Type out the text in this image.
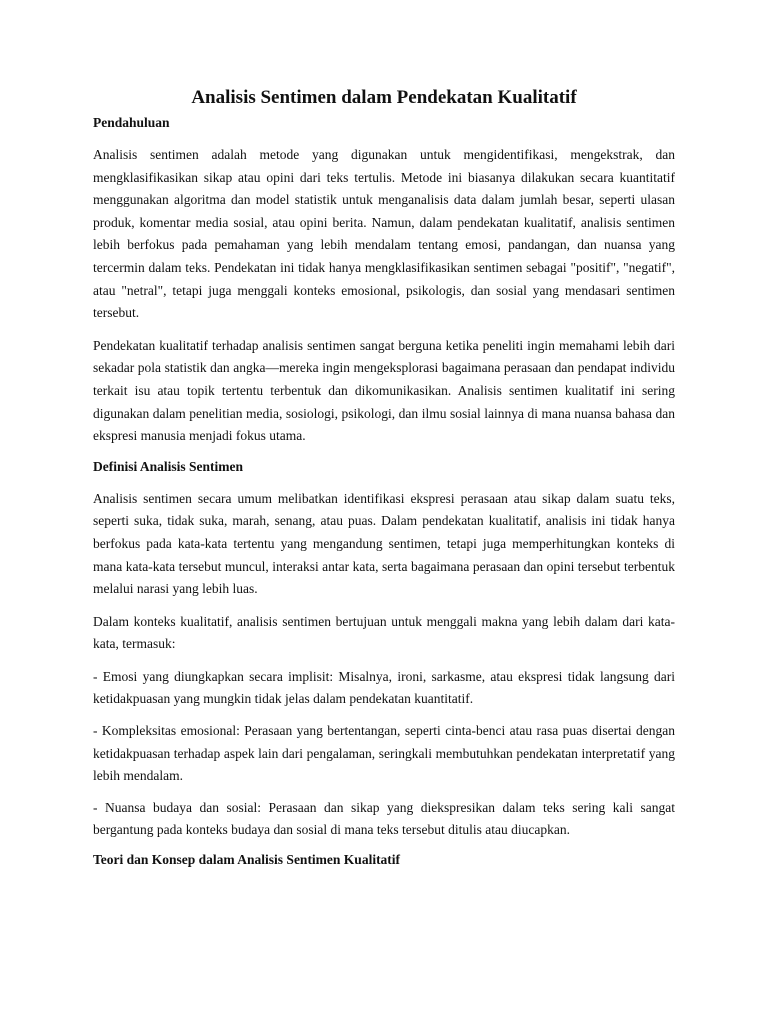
Analisis Sentimen dalam Pendekatan Kualitatif
Pendahuluan

Analisis sentimen adalah metode yang digunakan untuk mengidentifikasi, mengekstrak, dan mengklasifikasikan sikap atau opini dari teks tertulis. Metode ini biasanya dilakukan secara kuantitatif menggunakan algoritma dan model statistik untuk menganalisis data dalam jumlah besar, seperti ulasan produk, komentar media sosial, atau opini berita. Namun, dalam pendekatan kualitatif, analisis sentimen lebih berfokus pada pemahaman yang lebih mendalam tentang emosi, pandangan, dan nuansa yang tercermin dalam teks. Pendekatan ini tidak hanya mengklasifikasikan sentimen sebagai "positif", "negatif", atau "netral", tetapi juga menggali konteks emosional, psikologis, dan sosial yang mendasari sentimen tersebut.

Pendekatan kualitatif terhadap analisis sentimen sangat berguna ketika peneliti ingin memahami lebih dari sekadar pola statistik dan angka—mereka ingin mengeksplorasi bagaimana perasaan dan pendapat individu terkait isu atau topik tertentu terbentuk dan dikomunikasikan. Analisis sentimen kualitatif ini sering digunakan dalam penelitian media, sosiologi, psikologi, dan ilmu sosial lainnya di mana nuansa bahasa dan ekspresi manusia menjadi fokus utama.

Definisi Analisis Sentimen

Analisis sentimen secara umum melibatkan identifikasi ekspresi perasaan atau sikap dalam suatu teks, seperti suka, tidak suka, marah, senang, atau puas. Dalam pendekatan kualitatif, analisis ini tidak hanya berfokus pada kata-kata tertentu yang mengandung sentimen, tetapi juga memperhitungkan konteks di mana kata-kata tersebut muncul, interaksi antar kata, serta bagaimana perasaan dan opini tersebut terbentuk melalui narasi yang lebih luas.

Dalam konteks kualitatif, analisis sentimen bertujuan untuk menggali makna yang lebih dalam dari kata-kata, termasuk:

- Emosi yang diungkapkan secara implisit: Misalnya, ironi, sarkasme, atau ekspresi tidak langsung dari ketidakpuasan yang mungkin tidak jelas dalam pendekatan kuantitatif.

- Kompleksitas emosional: Perasaan yang bertentangan, seperti cinta-benci atau rasa puas disertai dengan ketidakpuasan terhadap aspek lain dari pengalaman, seringkali membutuhkan pendekatan interpretatif yang lebih mendalam.

- Nuansa budaya dan sosial: Perasaan dan sikap yang diekspresikan dalam teks sering kali sangat bergantung pada konteks budaya dan sosial di mana teks tersebut ditulis atau diucapkan.

Teori dan Konsep dalam Analisis Sentimen Kualitatif
